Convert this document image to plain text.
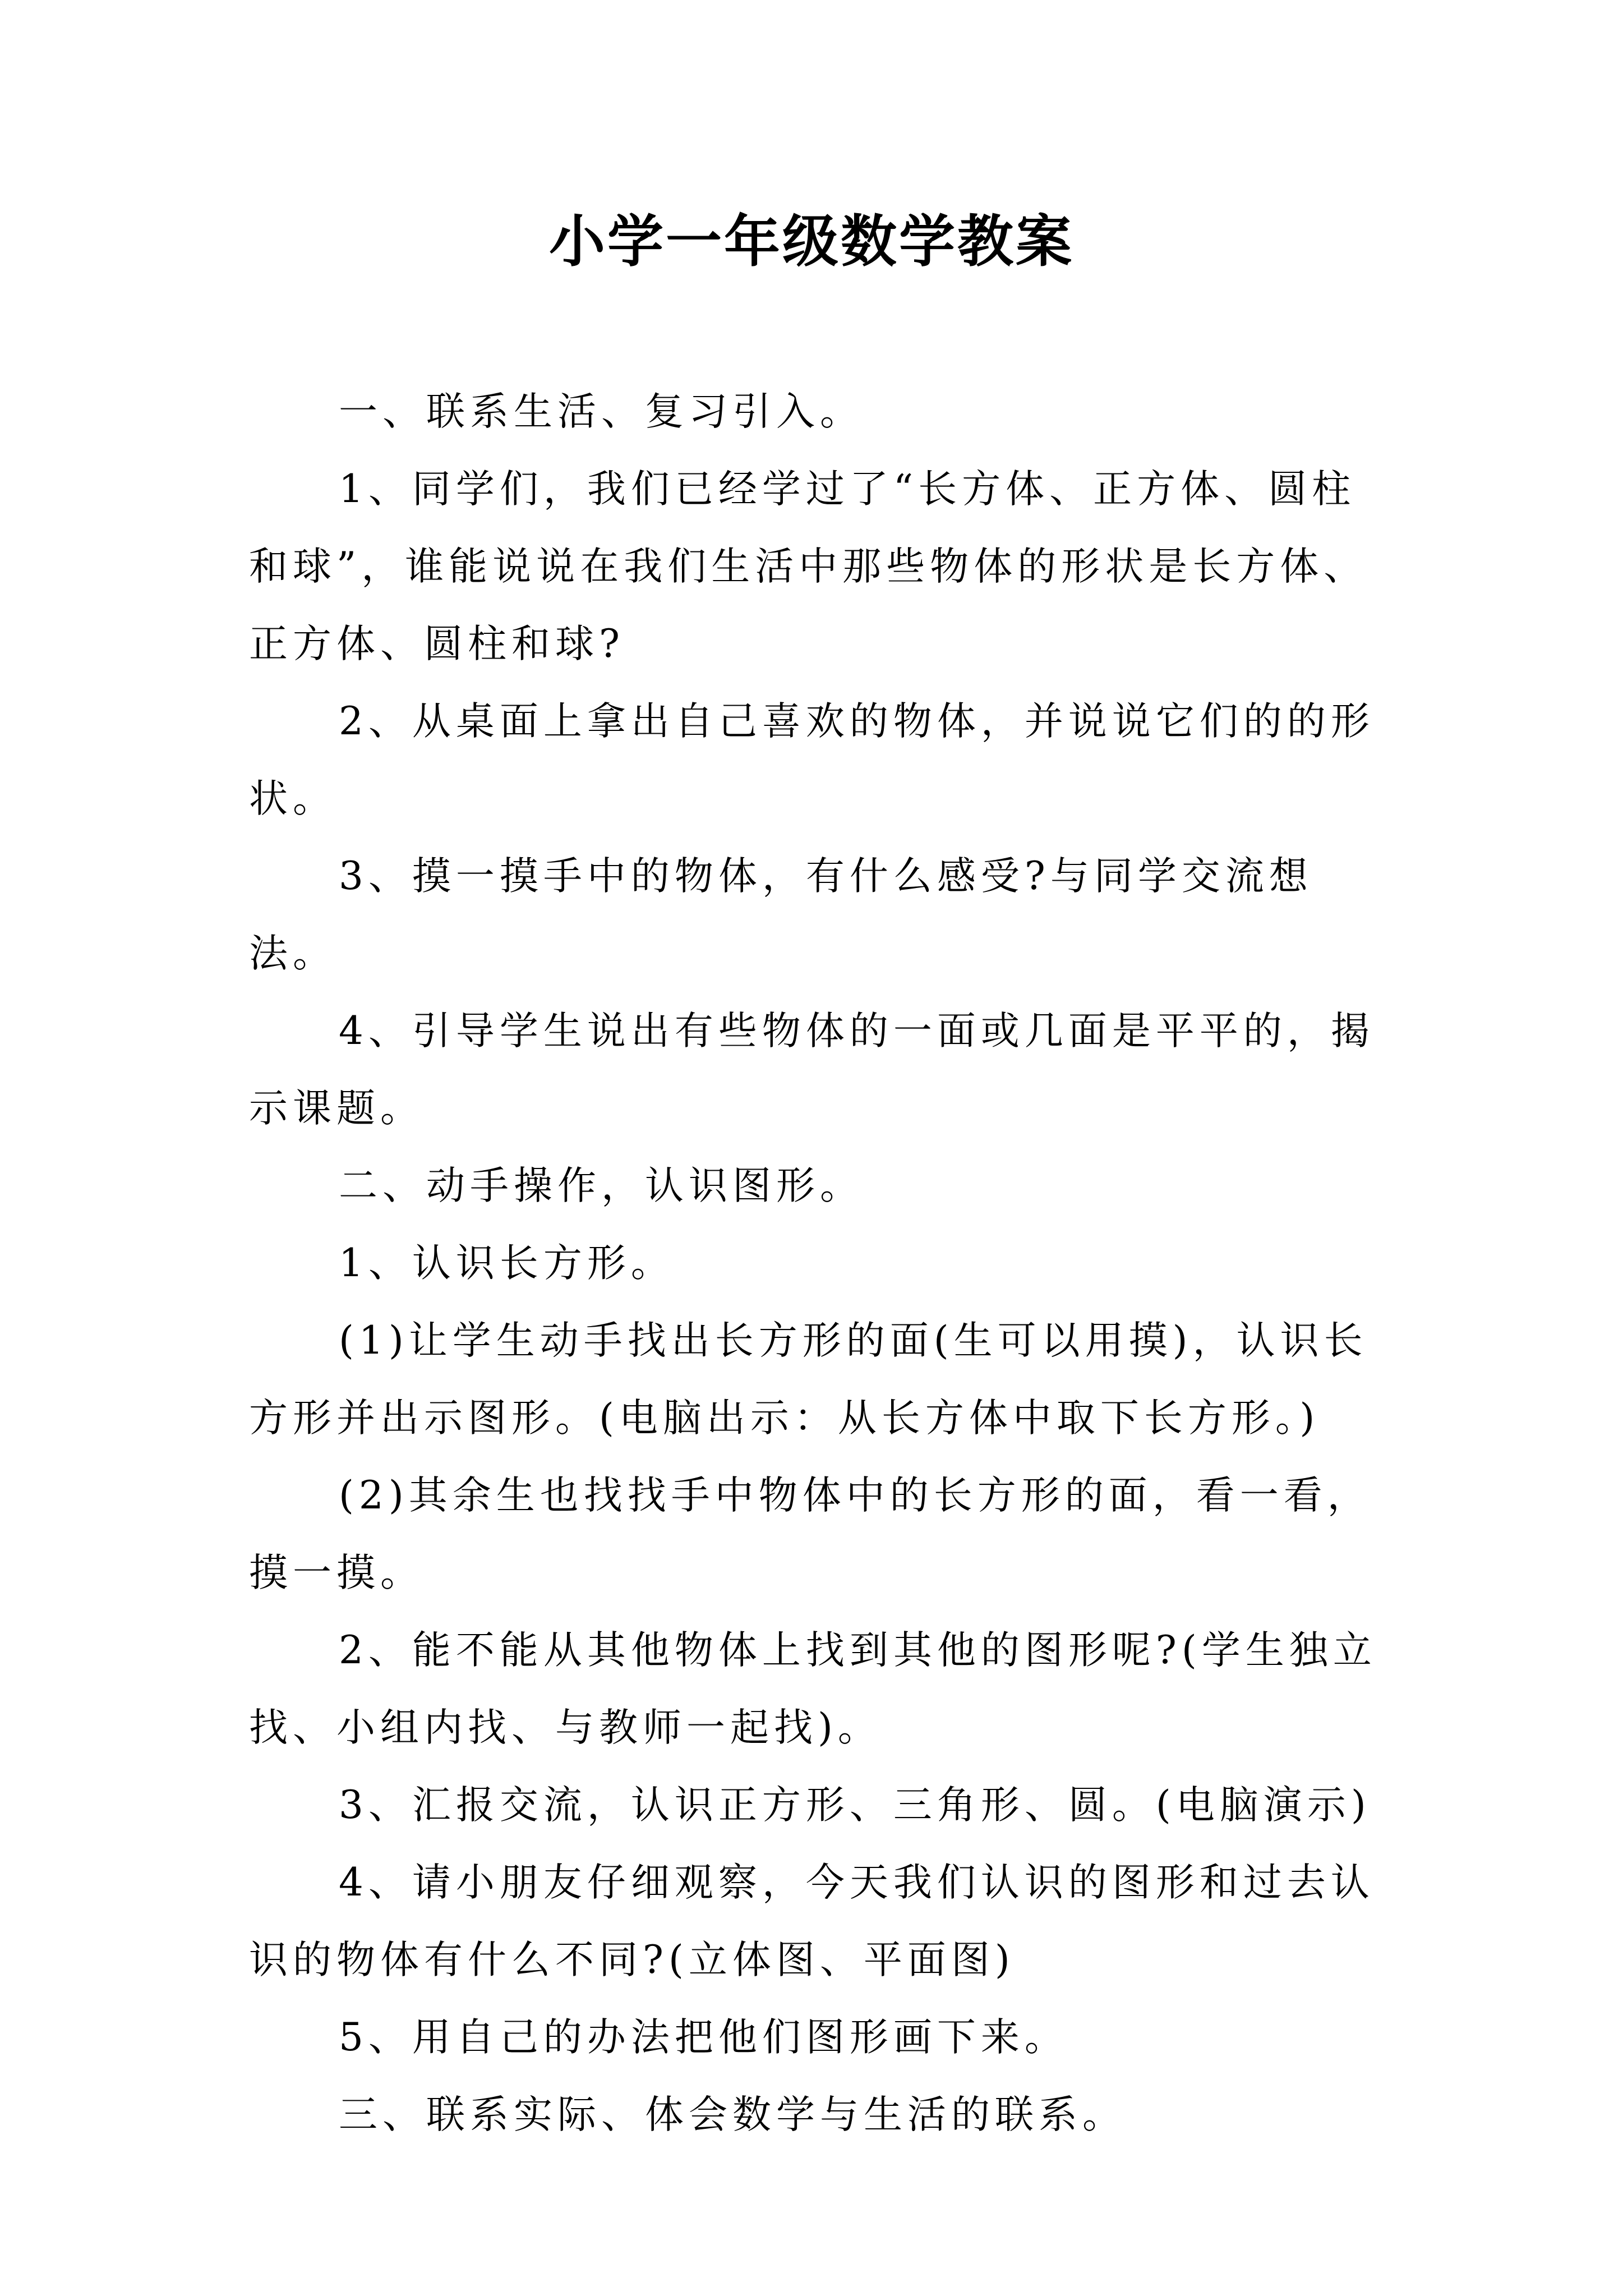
小学一年级数学教案

一、联系生活、复习引入。

1、同学们，我们已经学过了“长方体、正方体、圆柱和球”，谁能说说在我们生活中那些物体的形状是长方体、正方体、圆柱和球?

2、从桌面上拿出自己喜欢的物体，并说说它们的的形状。

3、摸一摸手中的物体，有什么感受?与同学交流想法。

4、引导学生说出有些物体的一面或几面是平平的，揭示课题。

二、动手操作，认识图形。

1、认识长方形。

(1)让学生动手找出长方形的面(生可以用摸)，认识长方形并出示图形。(电脑出示：从长方体中取下长方形。)

(2)其余生也找找手中物体中的长方形的面，看一看，摸一摸。

2、能不能从其他物体上找到其他的图形呢?(学生独立找、小组内找、与教师一起找)。

3、汇报交流，认识正方形、三角形、圆。(电脑演示)

4、请小朋友仔细观察，今天我们认识的图形和过去认识的物体有什么不同?(立体图、平面图)

5、用自己的办法把他们图形画下来。

三、联系实际、体会数学与生活的联系。
